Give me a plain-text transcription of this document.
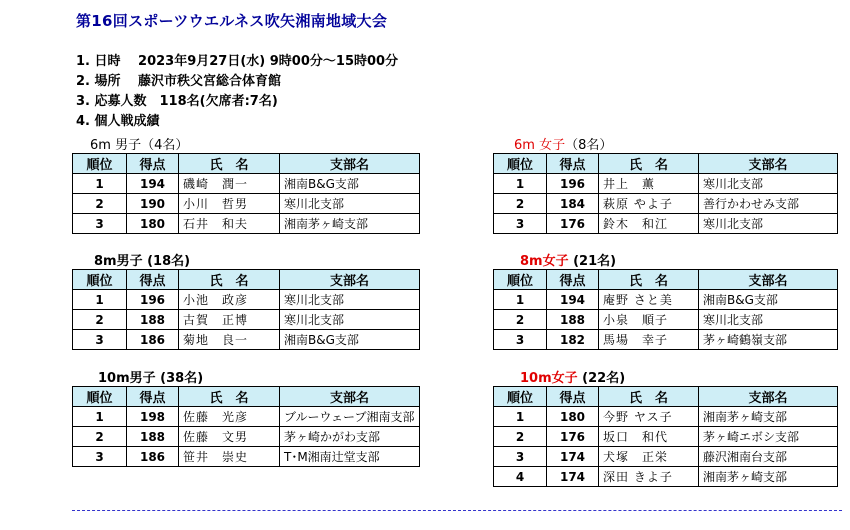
第16回スポーツウエルネス吹矢湘南地域大会
1. 日時　 2023年9月27日(水) 9時00分～15時00分
2. 場所　 藤沢市秩父宮総合体育館
3. 応募人数　118名(欠席者:7名)
4. 個人戦成績
6m 男子（4名）
順位	得点	氏　名	支部名
1	194	磯崎　潤一	湘南B&G支部
2	190	小川　哲男	寒川北支部
3	180	石井　和夫	湘南茅ヶ崎支部
6m 女子（8名）
順位	得点	氏　名	支部名
1	196	井上　薫	寒川北支部
2	184	萩原 やよ子	善行かわせみ支部
3	176	鈴木　和江	寒川北支部
8m男子 (18名)
順位	得点	氏　名	支部名
1	196	小池　政彦	寒川北支部
2	188	古賀　正博	寒川北支部
3	186	菊地　良一	湘南B&G支部
8m女子 (21名)
順位	得点	氏　名	支部名
1	194	庵野 さと美	湘南B&G支部
2	188	小泉　順子	寒川北支部
3	182	馬場　幸子	茅ヶ崎鶴嶺支部
10m男子 (38名)
順位	得点	氏　名	支部名
1	198	佐藤　光彦	ブルーウェーブ湘南支部
2	188	佐藤　文男	茅ヶ崎かがわ支部
3	186	笹井　崇史	T･M湘南辻堂支部
10m女子 (22名)
順位	得点	氏　名	支部名
1	180	今野 ヤス子	湘南茅ヶ崎支部
2	176	坂口　和代	茅ヶ崎エボシ支部
3	174	犬塚　正栄	藤沢湘南台支部
4	174	深田 きよ子	湘南茅ヶ崎支部
